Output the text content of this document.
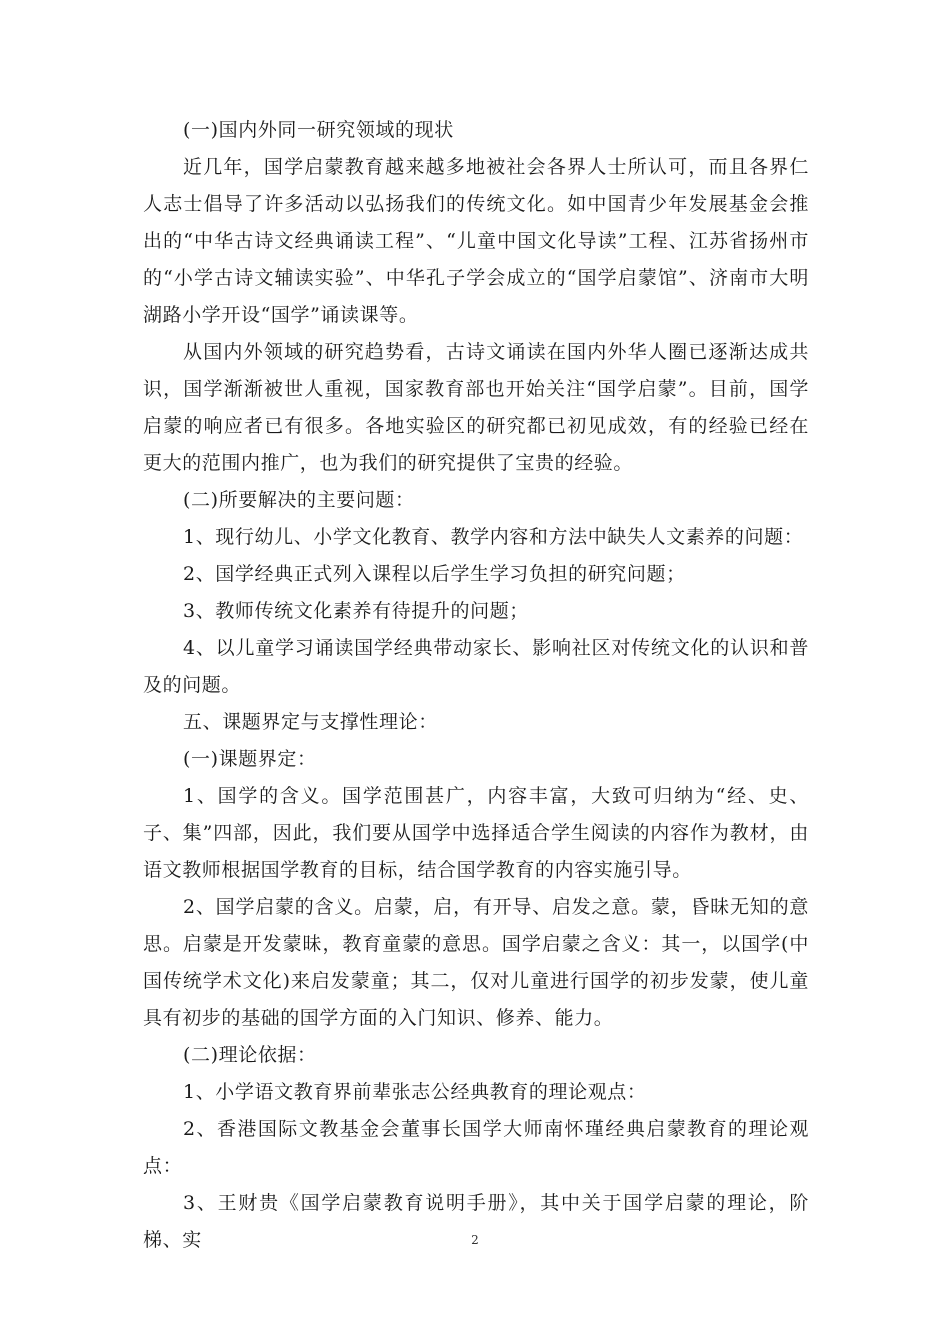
(一)国内外同一研究领域的现状

近几年，国学启蒙教育越来越多地被社会各界人士所认可，而且各界仁人志士倡导了许多活动以弘扬我们的传统文化。如中国青少年发展基金会推出的“中华古诗文经典诵读工程”、“儿童中国文化导读”工程、江苏省扬州市的“小学古诗文辅读实验”、中华孔子学会成立的“国学启蒙馆”、济南市大明湖路小学开设“国学”诵读课等。

从国内外领域的研究趋势看，古诗文诵读在国内外华人圈已逐渐达成共识，国学渐渐被世人重视，国家教育部也开始关注“国学启蒙”。目前，国学启蒙的响应者已有很多。各地实验区的研究都已初见成效，有的经验已经在更大的范围内推广，也为我们的研究提供了宝贵的经验。

(二)所要解决的主要问题：

1、现行幼儿、小学文化教育、教学内容和方法中缺失人文素养的问题：

2、国学经典正式列入课程以后学生学习负担的研究问题；

3、教师传统文化素养有待提升的问题；

4、以儿童学习诵读国学经典带动家长、影响社区对传统文化的认识和普及的问题。

五、课题界定与支撑性理论：

(一)课题界定：

1、国学的含义。国学范围甚广，内容丰富，大致可归纳为“经、史、子、集”四部，因此，我们要从国学中选择适合学生阅读的内容作为教材，由语文教师根据国学教育的目标，结合国学教育的内容实施引导。

2、国学启蒙的含义。启蒙，启，有开导、启发之意。蒙，昏昧无知的意思。启蒙是开发蒙昧，教育童蒙的意思。国学启蒙之含义：其一，以国学(中国传统学术文化)来启发蒙童；其二，仅对儿童进行国学的初步发蒙，使儿童具有初步的基础的国学方面的入门知识、修养、能力。

(二)理论依据：

1、小学语文教育界前辈张志公经典教育的理论观点：

2、香港国际文教基金会董事长国学大师南怀瑾经典启蒙教育的理论观点：

3、王财贵《国学启蒙教育说明手册》，其中关于国学启蒙的理论，阶梯、实	2
